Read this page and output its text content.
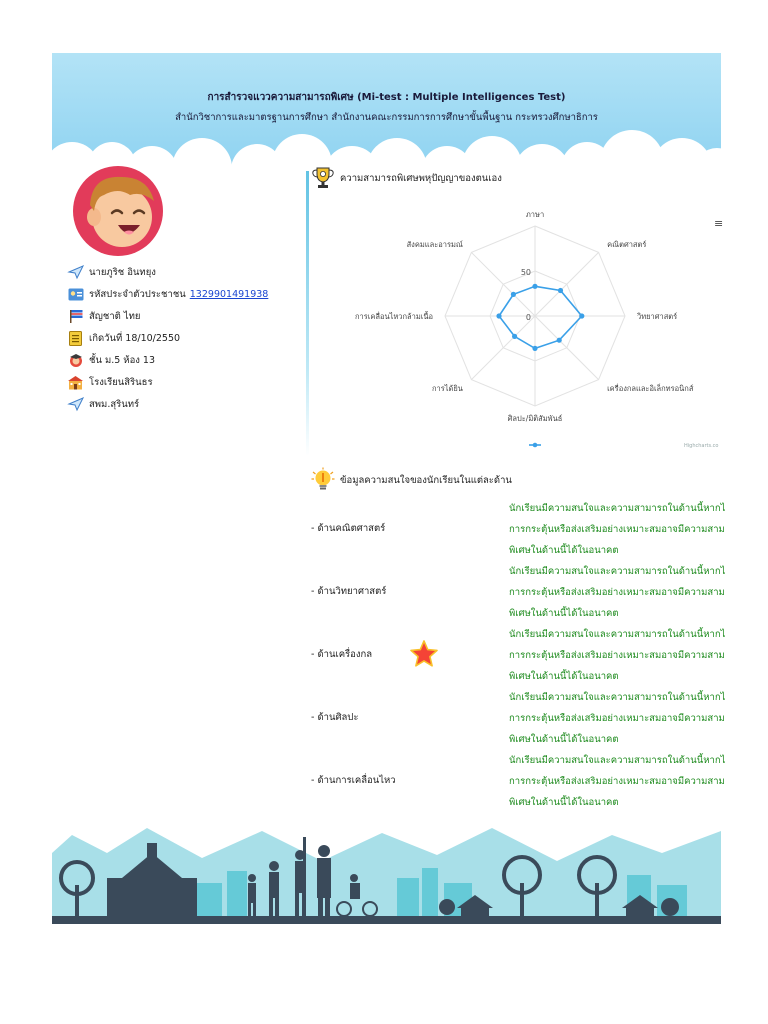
การสำรวจแววความสามารถพิเศษ (Mi-test : Multiple Intelligences Test)
สำนักวิชาการและมาตรฐานการศึกษา สำนักงานคณะกรรมการการศึกษาขั้นพื้นฐาน กระทรวงศึกษาธิการ
นายภูริช อินทยุง
รหัสประจำตัวประชาชน 1329901491938
สัญชาติ ไทย
เกิดวันที่ 18/10/2550
ชั้น ม.5 ห้อง 13
โรงเรียนสิรินธร
สพม.สุรินทร์
ความสามารถพิเศษพหุปัญญาของตนเอง
≡
0
50
ภาษา
คณิตศาสตร์
วิทยาศาสตร์
เครื่องกลและอิเล็กทรอนิกส์
ศิลปะ/มิติสัมพันธ์
การได้ยิน
การเคลื่อนไหวกล้ามเนื้อ
สังคมและอารมณ์
Highcharts.co
ข้อมูลความสนใจของนักเรียนในแต่ละด้าน
- ด้านคณิตศาสตร์
นักเรียนมีความสนใจและความสามารถในด้านนี้หากไ
การกระตุ้นหรือส่งเสริมอย่างเหมาะสมอาจมีความสาม
พิเศษในด้านนี้ได้ในอนาคต
- ด้านวิทยาศาสตร์
นักเรียนมีความสนใจและความสามารถในด้านนี้หากไ
การกระตุ้นหรือส่งเสริมอย่างเหมาะสมอาจมีความสาม
พิเศษในด้านนี้ได้ในอนาคต
- ด้านเครื่องกล
นักเรียนมีความสนใจและความสามารถในด้านนี้หากไ
การกระตุ้นหรือส่งเสริมอย่างเหมาะสมอาจมีความสาม
พิเศษในด้านนี้ได้ในอนาคต
- ด้านศิลปะ
นักเรียนมีความสนใจและความสามารถในด้านนี้หากไ
การกระตุ้นหรือส่งเสริมอย่างเหมาะสมอาจมีความสาม
พิเศษในด้านนี้ได้ในอนาคต
- ด้านการเคลื่อนไหว
นักเรียนมีความสนใจและความสามารถในด้านนี้หากไ
การกระตุ้นหรือส่งเสริมอย่างเหมาะสมอาจมีความสาม
พิเศษในด้านนี้ได้ในอนาคต
